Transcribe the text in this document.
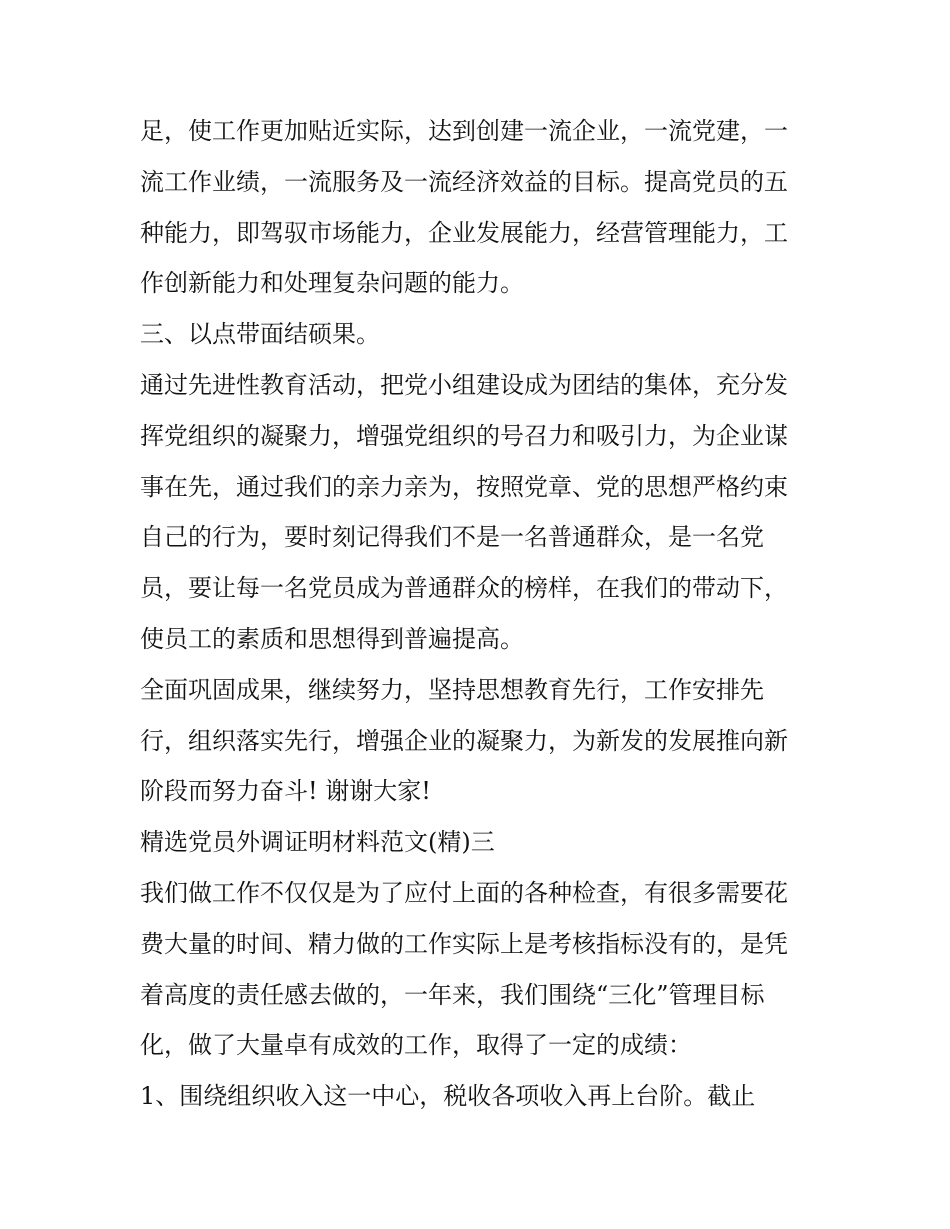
足，使工作更加贴近实际，达到创建一流企业，一流党建，一
流工作业绩，一流服务及一流经济效益的目标。提高党员的五
种能力，即驾驭市场能力，企业发展能力，经营管理能力，工
作创新能力和处理复杂问题的能力。
三、以点带面结硕果。
通过先进性教育活动，把党小组建设成为团结的集体，充分发
挥党组织的凝聚力，增强党组织的号召力和吸引力，为企业谋
事在先，通过我们的亲力亲为，按照党章、党的思想严格约束
自己的行为，要时刻记得我们不是一名普通群众，是一名党
员，要让每一名党员成为普通群众的榜样，在我们的带动下，
使员工的素质和思想得到普遍提高。
全面巩固成果，继续努力，坚持思想教育先行，工作安排先
行，组织落实先行，增强企业的凝聚力，为新发的发展推向新
阶段而努力奋斗! 谢谢大家!
精选党员外调证明材料范文(精)三
我们做工作不仅仅是为了应付上面的各种检查，有很多需要花
费大量的时间、精力做的工作实际上是考核指标没有的，是凭
着高度的责任感去做的，一年来，我们围绕“三化”管理目标
化，做了大量卓有成效的工作，取得了一定的成绩：
1、围绕组织收入这一中心，税收各项收入再上台阶。截止
